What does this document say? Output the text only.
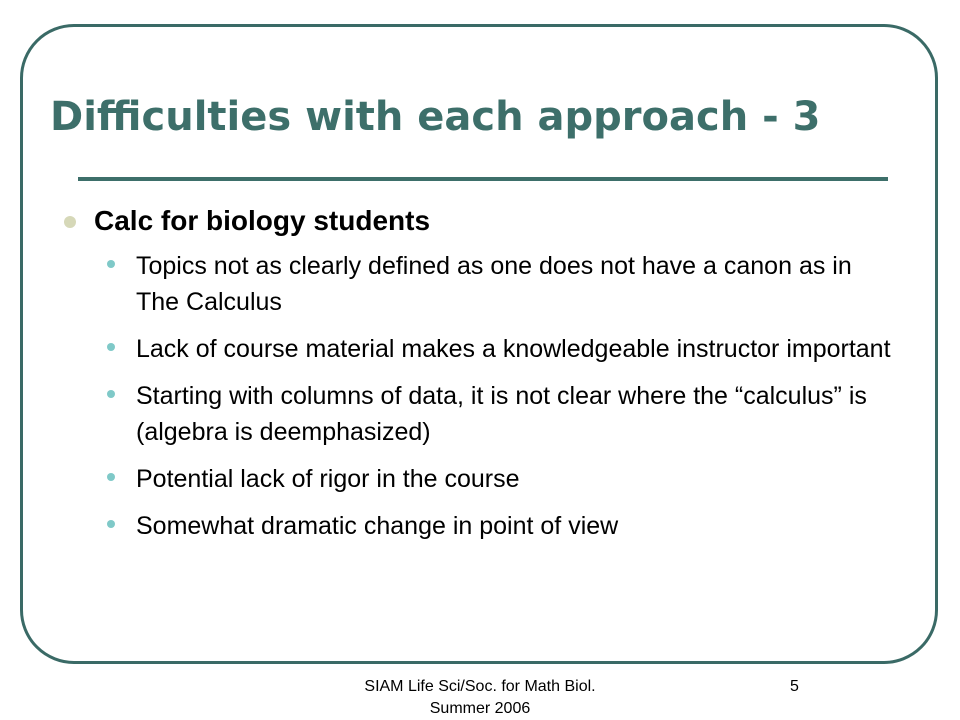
Difficulties with each approach - 3
Calc for biology students
Topics not as clearly defined as one does not have a canon as in The Calculus
Lack of course material makes a knowledgeable instructor important
Starting with columns of data, it is not clear where the “calculus” is (algebra is deemphasized)
Potential lack of rigor in the course
Somewhat dramatic change in point of view
SIAM Life Sci/Soc. for Math Biol.
Summer 2006
5
